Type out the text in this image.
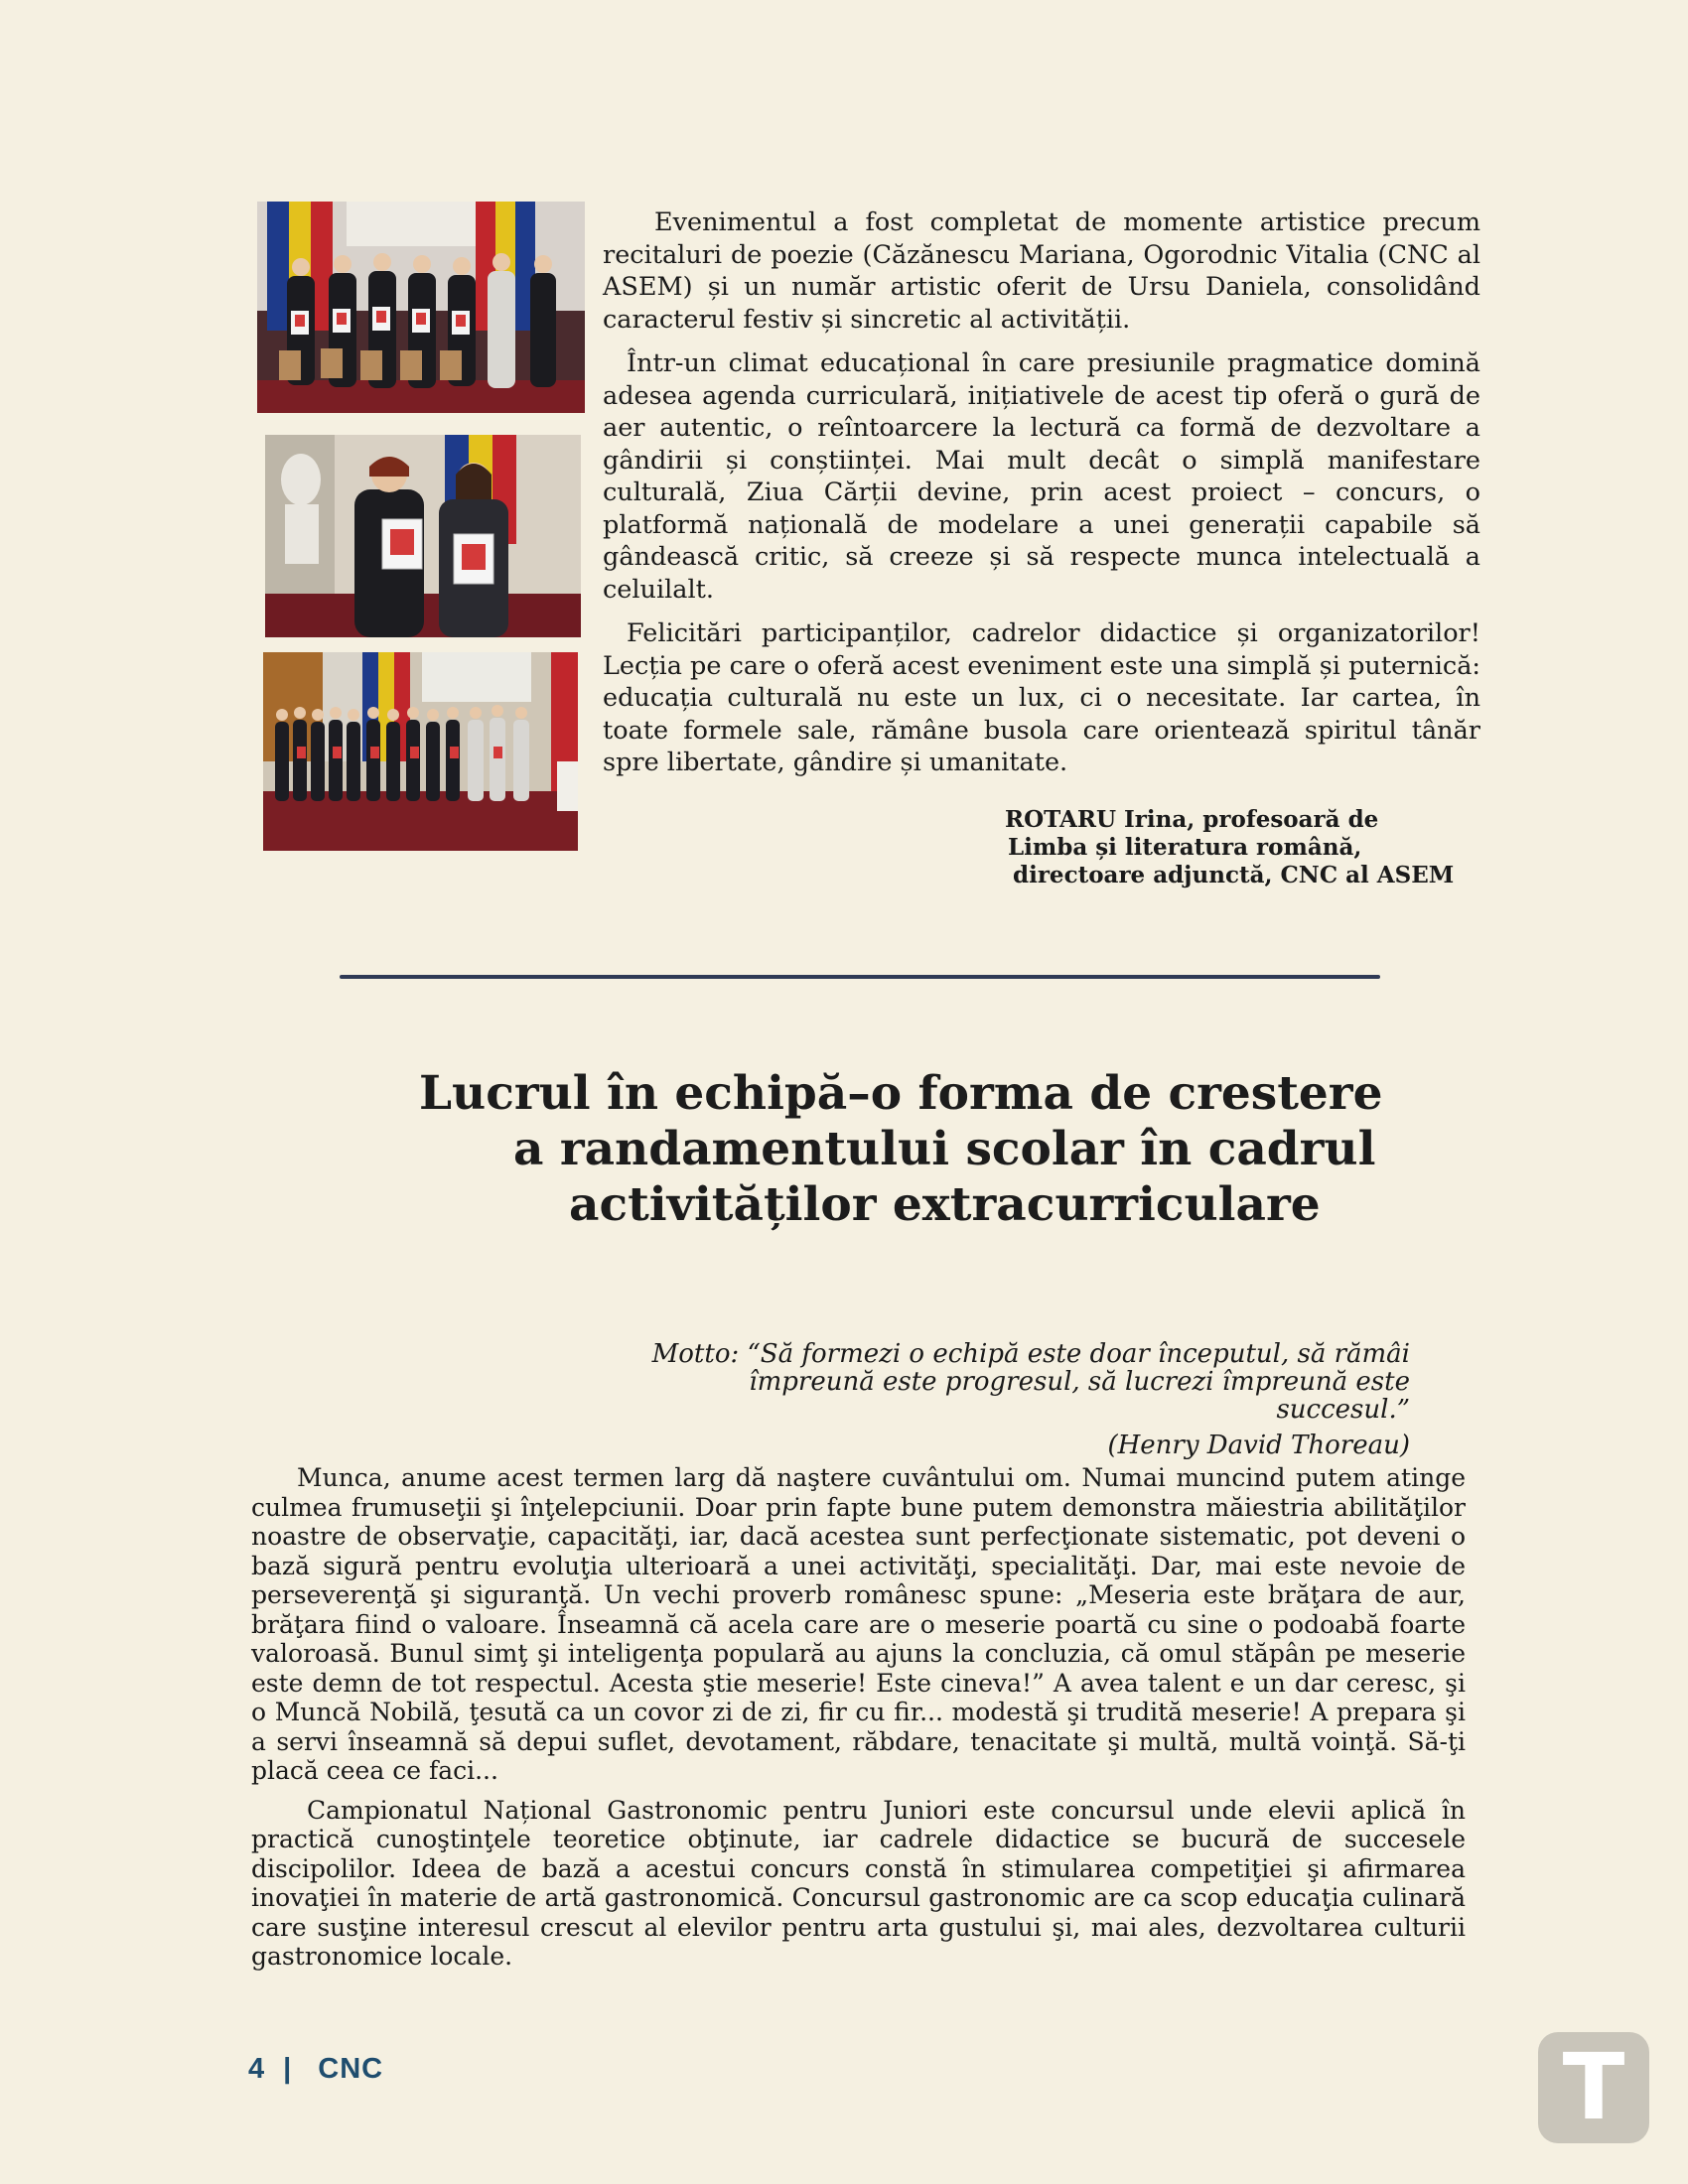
Evenimentul a fost completat de momente artistice precum recitaluri de poezie (Căzănescu Mariana, Ogorodnic Vitalia (CNC al ASEM) și un număr artistic oferit de Ursu Daniela, consolidând caracterul festiv și sincretic al activității.

Într-un climat educațional în care presiunile pragmatice domină adesea agenda curriculară, inițiativele de acest tip oferă o gură de aer autentic, o reîntoarcere la lectură ca formă de dezvoltare a gândirii și conștiinței. Mai mult decât o simplă manifestare culturală, Ziua Cărții devine, prin acest proiect – concurs, o platformă națională de modelare a unei generații capabile să gândească critic, să creeze și să respecte munca intelectuală a celuilalt.

Felicitări participanților, cadrelor didactice și organizatorilor! Lecția pe care o oferă acest eveniment este una simplă și puternică: educația culturală nu este un lux, ci o necesitate. Iar cartea, în toate formele sale, rămâne busola care orientează spiritul tânăr spre libertate, gândire și umanitate.

ROTARU Irina, profesoară de
Limba și literatura română,
directoare adjunctă, CNC al ASEM
Lucrul în echipă–o forma de crestere
a randamentului scolar în cadrul
activităților extracurriculare
Motto: “Să formezi o echipă este doar începutul, să rămâi
împreună este progresul, să lucrezi împreună este succesul.”
(Henry David Thoreau)

Munca, anume acest termen larg dă naştere cuvântului om. Numai muncind putem atinge culmea frumuseţii şi înţelepciunii. Doar prin fapte bune putem demonstra măiestria abilităţilor noastre de observaţie, capacităţi, iar, dacă acestea sunt perfecţionate sistematic, pot deveni o bază sigură pentru evoluţia ulterioară a unei activităţi, specialităţi. Dar, mai este nevoie de perseverenţă şi siguranţă. Un vechi proverb românesc spune: „Meseria este brăţara de aur, brăţara fiind o valoare. Înseamnă că acela care are o meserie poartă cu sine o podoabă foarte valoroasă. Bunul simţ şi inteligenţa populară au ajuns la concluzia, că omul stăpân pe meserie este demn de tot respectul. Acesta ştie meserie! Este cineva!” A avea talent e un dar ceresc, şi o Muncă Nobilă, ţesută ca un covor zi de zi, fir cu fir... modestă şi trudită meserie! A prepara şi a servi înseamnă să depui suflet, devotament, răbdare, tenacitate şi multă, multă voinţă. Să-ţi placă ceea ce faci...

Campionatul Național Gastronomic pentru Juniori este concursul unde elevii aplică în practică cunoştinţele teoretice obţinute, iar cadrele didactice se bucură de succesele discipolilor. Ideea de bază a acestui concurs constă în stimularea competiţiei şi afirmarea inovaţiei în materie de artă gastronomică. Concursul gastronomic are ca scop educaţia culinară care susţine interesul crescut al elevilor pentru arta gustului şi, mai ales, dezvoltarea culturii gastronomice locale.

4 | CNC	T
